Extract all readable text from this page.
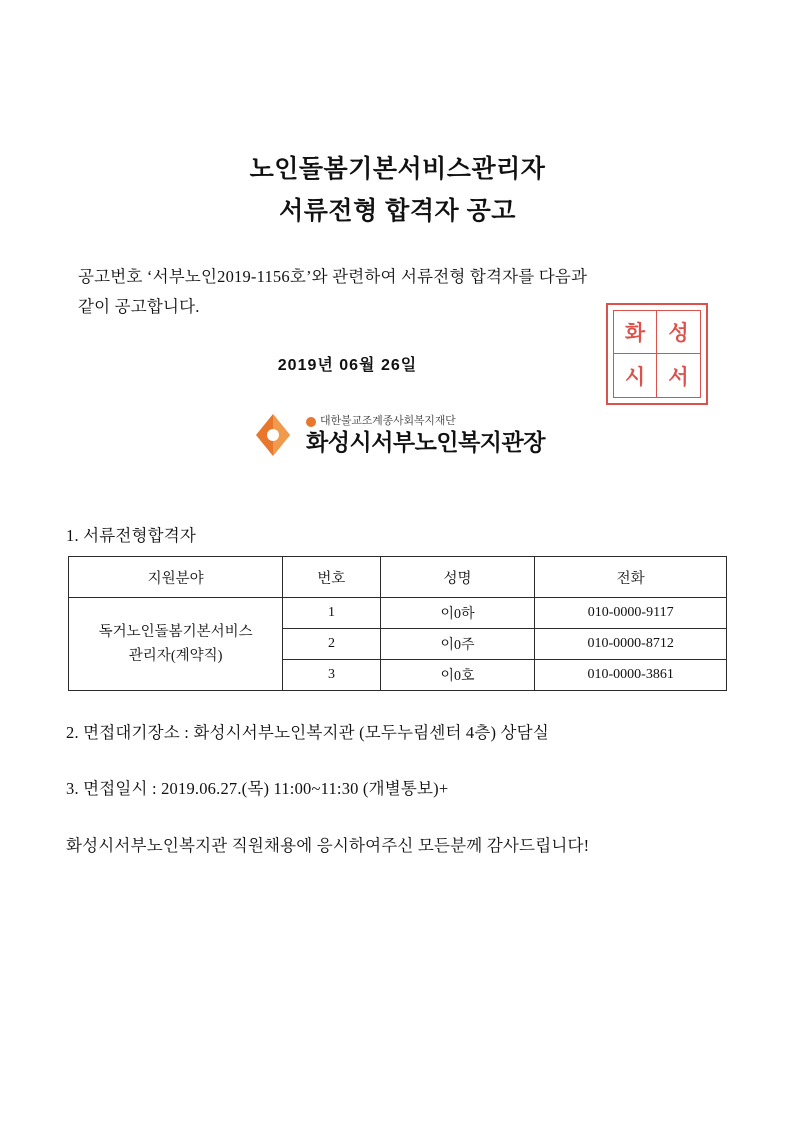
노인돌봄기본서비스관리자
서류전형 합격자 공고
공고번호 ‘서부노인2019-1156호’와 관련하여 서류전형 합격자를 다음과
같이 공고합니다.
2019년 06월 26일
화	성
시	서
대한불교조계종사회복지재단
화성시서부노인복지관장
1. 서류전형합격자
지원분야	번호	성명	전화

독거노인돌봄기본서비스
관리자(계약직)	1	이0하	010-0000-9117
	2	이0주	010-0000-8712
	3	이0호	010-0000-3861
2. 면접대기장소 : 화성시서부노인복지관 (모두누림센터 4층) 상담실
3. 면접일시 : 2019.06.27.(목) 11:00~11:30 (개별통보)+
화성시서부노인복지관 직원채용에 응시하여주신 모든분께 감사드립니다!
